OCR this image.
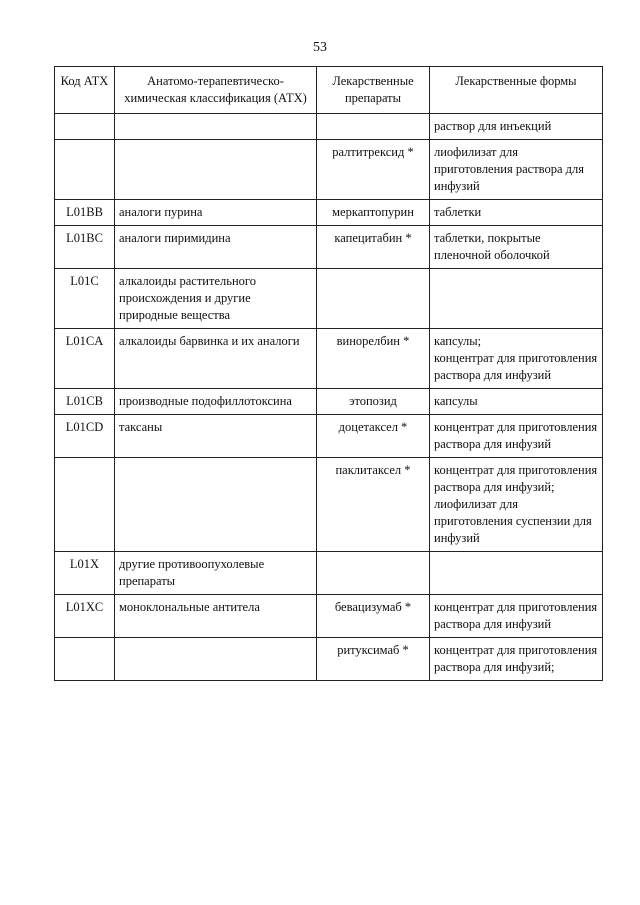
53
Код АТХ	Анатомо-терапевтическо-химическая классификация (АТХ)	Лекарственные препараты	Лекарственные формы

			раствор для инъекций

		ралтитрексид *	лиофилизат для приготовления раствора для инфузий

L01BB	аналоги пурина	меркаптопурин	таблетки

L01BC	аналоги пиримидина	капецитабин *	таблетки, покрытые пленочной оболочкой

L01C	алкалоиды растительного происхождения и другие природные вещества		
L01CA	алкалоиды барвинка и их аналоги	винорелбин *	капсулы;
концентрат для приготовления раствора для инфузий

L01CB	производные подофиллотоксина	этопозид	капсулы

L01CD	таксаны	доцетаксел *	концентрат для приготовления раствора для инфузий

		паклитаксел *	концентрат для приготовления раствора для инфузий;
лиофилизат для приготовления суспензии для инфузий

L01X	другие противоопухолевые препараты		
L01XC	моноклональные антитела	бевацизумаб *	концентрат для приготовления раствора для инфузий

		ритуксимаб *	концентрат для приготовления раствора для инфузий;
